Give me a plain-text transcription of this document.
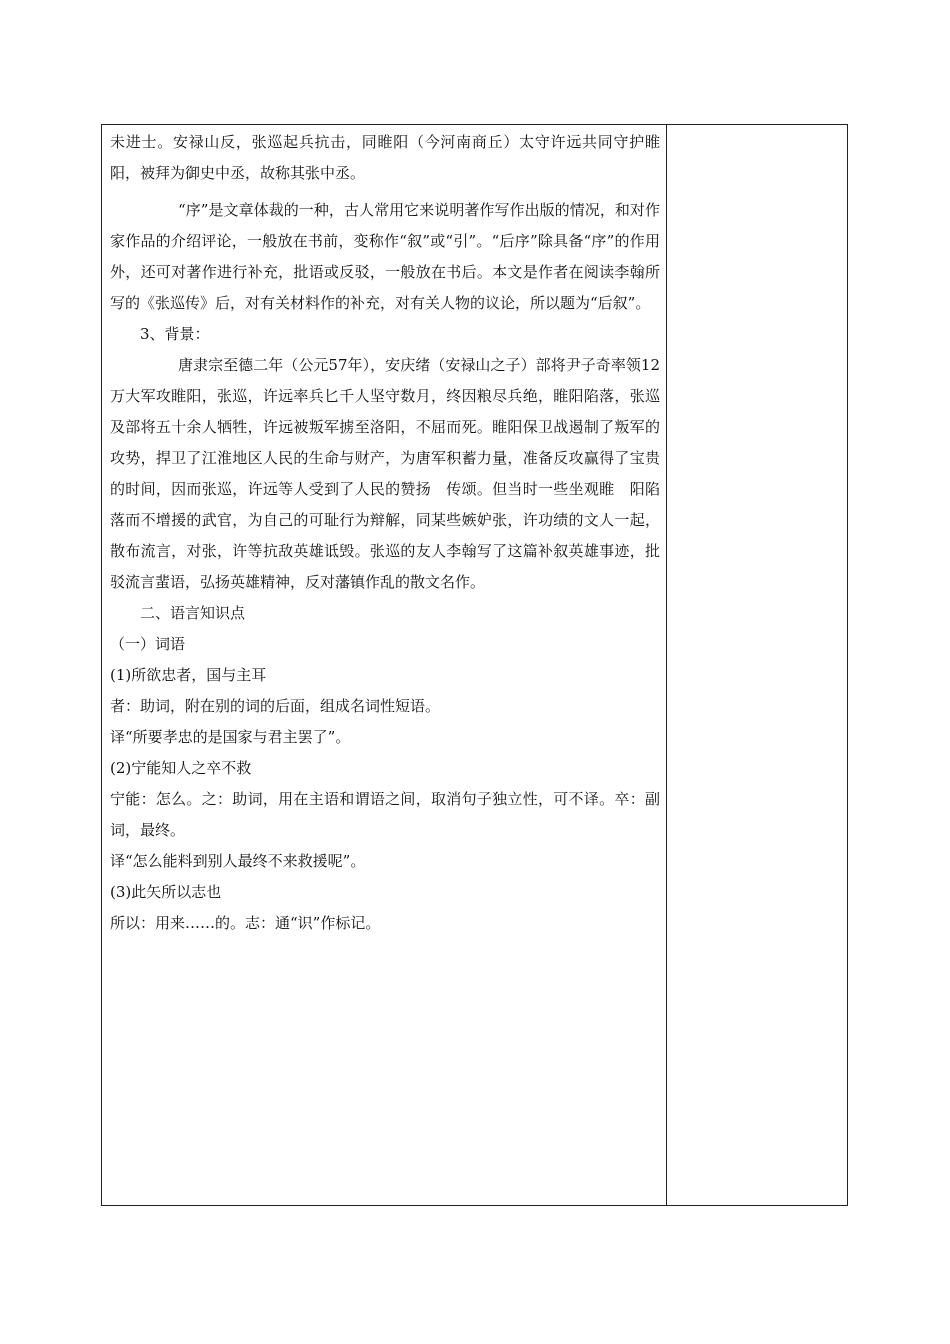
未进士。安禄山反，张巡起兵抗击，同睢阳（今河南商丘）太守许远共同守护睢阳，被拜为御史中丞，故称其张中丞。

“序”是文章体裁的一种，古人常用它来说明著作写作出版的情况，和对作家作品的介绍评论，一般放在书前，变称作“叙”或“引”。“后序”除具备“序”的作用外，还可对著作进行补充，批语或反驳，一般放在书后。本文是作者在阅读李翰所写的《张巡传》后，对有关材料作的补充，对有关人物的议论，所以题为“后叙”。

3、背景：

唐隶宗至德二年（公元57年），安庆绪（安禄山之子）部将尹子奇率领12万大军攻睢阳，张巡，许远率兵匕千人坚守数月，终因粮尽兵绝，睢阳陷落，张巡及部将五十余人牺牲，许远被叛军掳至洛阳，不屈而死。睢阳保卫战遏制了叛军的攻势，捍卫了江淮地区人民的生命与财产，为唐军积蓄力量，准备反攻赢得了宝贵的时间，因而张巡，许远等人受到了人民的赞扬　传颂。但当时一些坐观睢　阳陷落而不增援的武官，为自己的可耻行为辩解，同某些嫉妒张，许功绩的文人一起，散布流言，对张，许等抗敌英雄诋毁。张巡的友人李翰写了这篇补叙英雄事迹，批驳流言蜚语，弘扬英雄精神，反对藩镇作乱的散文名作。

二、语言知识点

（一）词语

(1)所欲忠者，国与主耳

者：助词，附在别的词的后面，组成名词性短语。

译“所要孝忠的是国家与君主罢了”。

(2)宁能知人之卒不救

宁能：怎么。之：助词，用在主语和谓语之间，取消句子独立性，可不译。卒：副词，最终。

译“怎么能料到别人最终不来救援呢”。

(3)此矢所以志也

所以：用来……的。志：通“识”作标记。
